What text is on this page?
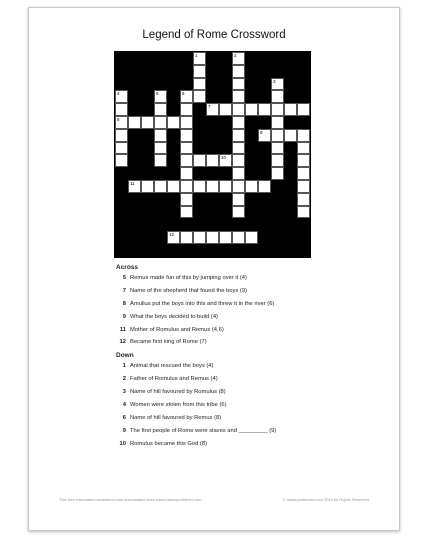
Legend of Rome Crossword
1	2
3
4	5	6
7
8
9
10
11
12
Across
5 Remus made fun of this by jumping over it (4)
7 Name of the shepherd that found the boys (9)
8 Amulius put the boys into this and threw it in the river (6)
9 What the boys decided to build (4)
11 Mother of Romulus and Remus (4,6)
12 Became first king of Rome (7)
Down
1 Animal that rescued the boys (4)
2 Father of Romulus and Remus (4)
3 Name of hill favoured by Romulus (8)
4 Women were stolen from this tribe (6)
6 Name of hill favoured by Remus (8)
9 The first people of Rome were slaves and _________ (9)
10 Romulus became this God (8)
This free information worksheet was downloaded from www.historyonthenet.com	© historyonthenet.com 2013 All Rights Reserved
